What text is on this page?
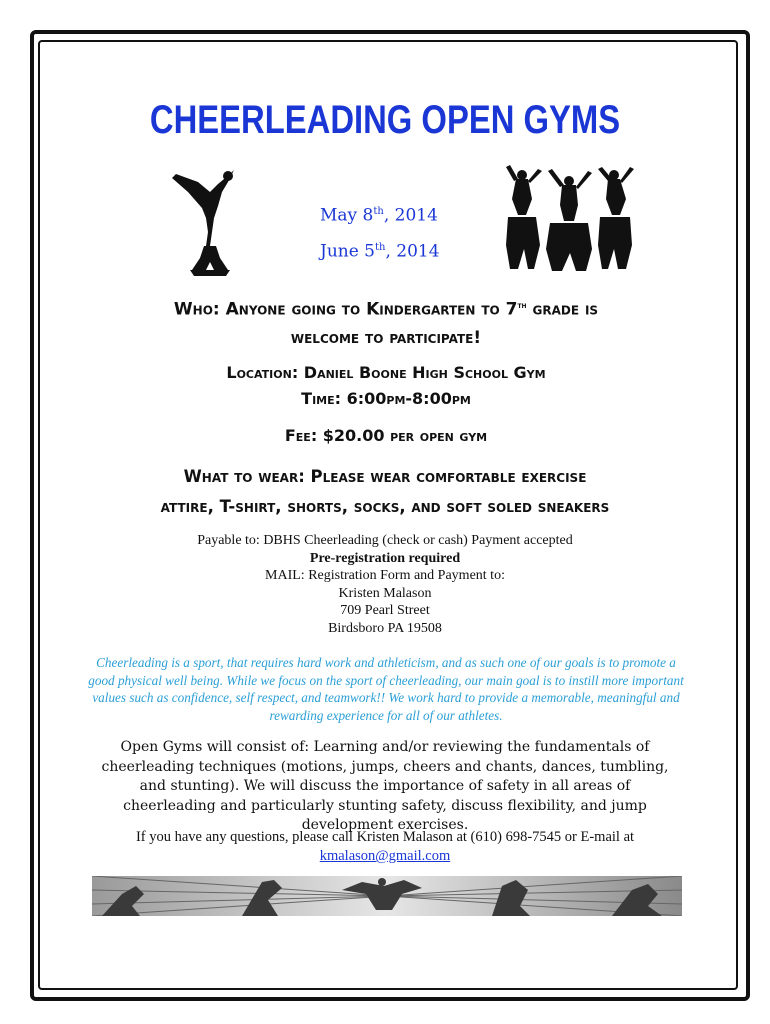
CHEERLEADING OPEN GYMS
May 8th, 2014
June 5th, 2014
Who: Anyone going to Kindergarten to 7th grade is
welcome to participate!
Location: Daniel Boone High School Gym
Time: 6:00pm-8:00pm
Fee: $20.00 per open gym
What to wear: Please wear comfortable exercise
attire, T-shirt, shorts, socks, and soft soled sneakers
Payable to: DBHS Cheerleading (check or cash) Payment accepted
Pre-registration required
MAIL: Registration Form and Payment to:
Kristen Malason
709 Pearl Street
Birdsboro PA 19508
Cheerleading is a sport, that requires hard work and athleticism, and as such one of our goals is to promote a good physical well being. While we focus on the sport of cheerleading, our main goal is to instill more important values such as confidence, self respect, and teamwork!! We work hard to provide a memorable, meaningful and rewarding experience for all of our athletes.
Open Gyms will consist of: Learning and/or reviewing the fundamentals of cheerleading techniques (motions, jumps, cheers and chants, dances, tumbling, and stunting). We will discuss the importance of safety in all areas of cheerleading and particularly stunting safety, discuss flexibility, and jump development exercises.
If you have any questions, please call Kristen Malason at (610) 698-7545 or E-mail at
kmalason@gmail.com
